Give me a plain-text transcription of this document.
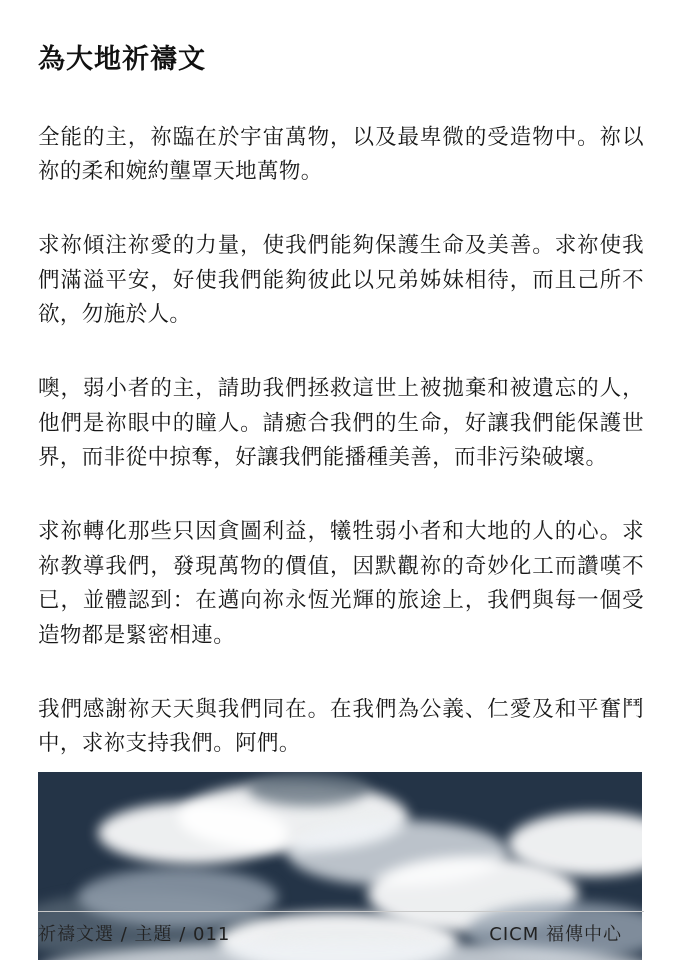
為大地祈禱文

全能的主，祢臨在於宇宙萬物，以及最卑微的受造物中。祢以祢的柔和婉約壟罩天地萬物。

求祢傾注祢愛的力量，使我們能夠保護生命及美善。求祢使我們滿溢平安，好使我們能夠彼此以兄弟姊妹相待，而且己所不欲，勿施於人。

噢，弱小者的主，請助我們拯救這世上被拋棄和被遺忘的人，他們是祢眼中的瞳人。請癒合我們的生命，好讓我們能保護世界，而非從中掠奪，好讓我們能播種美善，而非污染破壞。

求祢轉化那些只因貪圖利益，犧牲弱小者和大地的人的心。求祢教導我們，發現萬物的價值，因默觀祢的奇妙化工而讚嘆不已，並體認到：在邁向祢永恆光輝的旅途上，我們與每一個受造物都是緊密相連。

我們感謝祢天天與我們同在。在我們為公義、仁愛及和平奮鬥中，求祢支持我們。阿們。

祈禱文選 / 主題 / 011	CICM 福傳中心
